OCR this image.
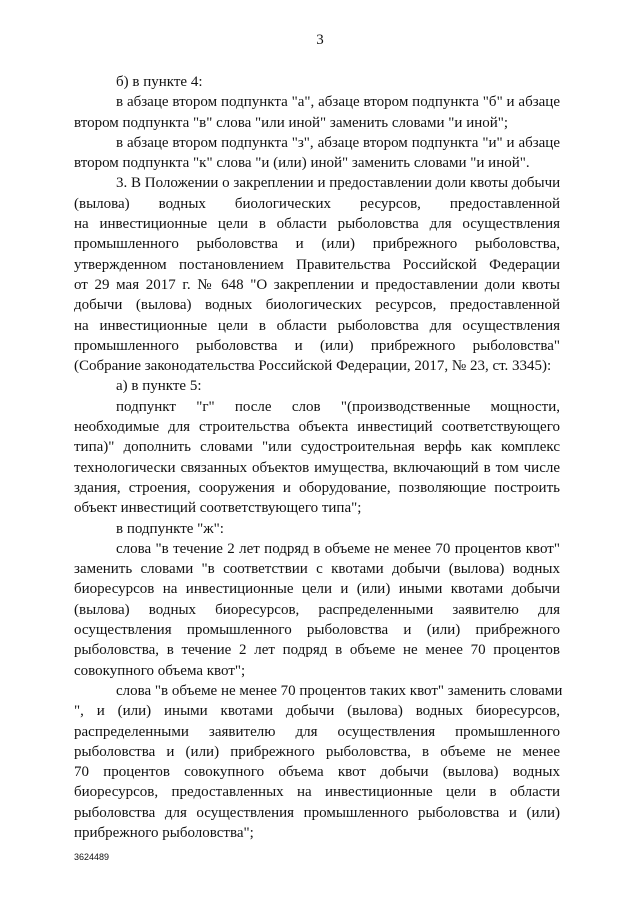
3
б) в пункте 4:
в абзаце втором подпункта "а", абзаце втором подпункта "б" и абзаце
втором подпункта "в" слова "или иной" заменить словами "и иной";
в абзаце втором подпункта "з", абзаце втором подпункта "и" и абзаце
втором подпункта "к" слова "и (или) иной" заменить словами "и иной".
3. В Положении о закреплении и предоставлении доли квоты добычи
(вылова) водных биологических ресурсов, предоставленной
на инвестиционные цели в области рыболовства для осуществления
промышленного рыболовства и (или) прибрежного рыболовства,
утвержденном постановлением Правительства Российской Федерации
от 29 мая 2017 г. № 648 "О закреплении и предоставлении доли квоты
добычи (вылова) водных биологических ресурсов, предоставленной
на инвестиционные цели в области рыболовства для осуществления
промышленного рыболовства и (или) прибрежного рыболовства"
(Собрание законодательства Российской Федерации, 2017, № 23, ст. 3345):
а) в пункте 5:
подпункт "г" после слов "(производственные мощности,
необходимые для строительства объекта инвестиций соответствующего
типа)" дополнить словами "или судостроительная верфь как комплекс
технологически связанных объектов имущества, включающий в том числе
здания, строения, сооружения и оборудование, позволяющие построить
объект инвестиций соответствующего типа";
в подпункте "ж":
слова "в течение 2 лет подряд в объеме не менее 70 процентов квот"
заменить словами "в соответствии с квотами добычи (вылова) водных
биоресурсов на инвестиционные цели и (или) иными квотами добычи
(вылова) водных биоресурсов, распределенными заявителю для
осуществления промышленного рыболовства и (или) прибрежного
рыболовства, в течение 2 лет подряд в объеме не менее 70 процентов
совокупного объема квот";
слова "в объеме не менее 70 процентов таких квот" заменить словами
", и (или) иными квотами добычи (вылова) водных биоресурсов,
распределенными заявителю для осуществления промышленного
рыболовства и (или) прибрежного рыболовства, в объеме не менее
70 процентов совокупного объема квот добычи (вылова) водных
биоресурсов, предоставленных на инвестиционные цели в области
рыболовства для осуществления промышленного рыболовства и (или)
прибрежного рыболовства";
3624489
